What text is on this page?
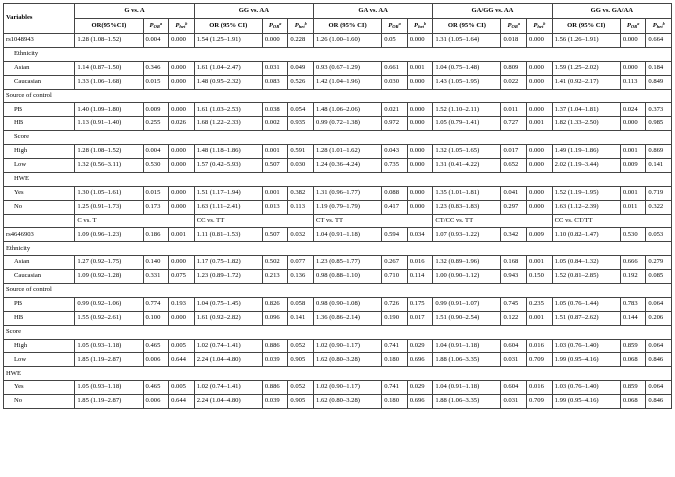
Variables	G vs. A			GG vs. AA			GA vs. AA			GA/GG vs. AA			GG vs. GA/AA		
	OR(95%CI)	$P_{OR}^a$	$P_{het}^b$	OR (95% CI)	$P_{OR}^a$	$P_{het}^b$	OR (95% CI)	$P_{OR}^a$	$P_{het}^b$	OR (95% CI)	$P_{OR}^a$	$P_{het}^b$	OR (95% CI)	$P_{OR}^a$	$P_{het}^b$
rs1048943	1.28 (1.08–1.52)	0.004	0.000	1.54 (1.25–1.91)	0.000	0.228	1.26 (1.00–1.60)	0.05	0.000	1.31 (1.05–1.64)	0.018	0.000	1.56 (1.26–1.91)	0.000	0.664
Ethnicity															
Asian	1.14 (0.87–1.50)	0.346	0.000	1.61 (1.04–2.47)	0.031	0.049	0.93 (0.67–1.29)	0.661	0.001	1.04 (0.75–1.48)	0.809	0.000	1.59 (1.25–2.02)	0.000	0.184
Caucasian	1.33 (1.06–1.68)	0.015	0.000	1.48 (0.95–2.32)	0.083	0.526	1.42 (1.04–1.96)	0.030	0.000	1.43 (1.05–1.95)	0.022	0.000	1.41 (0.92–2.17)	0.113	0.849
Source of control															
PB	1.40 (1.09–1.80)	0.009	0.000	1.61 (1.03–2.53)	0.038	0.054	1.48 (1.06–2.06)	0.021	0.000	1.52 (1.10–2.11)	0.011	0.000	1.37 (1.04–1.81)	0.024	0.373
HB	1.13 (0.91–1.40)	0.255	0.026	1.68 (1.22–2.33)	0.002	0.935	0.99 (0.72–1.38)	0.972	0.000	1.05 (0.79–1.41)	0.727	0.001	1.82 (1.33–2.50)	0.000	0.985
Score															
High	1.28 (1.08–1.52)	0.004	0.000	1.48 (1.18–1.86)	0.001	0.591	1.28 (1.01–1.62)	0.043	0.000	1.32 (1.05–1.65)	0.017	0.000	1.49 (1.19–1.86)	0.001	0.869
Low	1.32 (0.56–3.11)	0.530	0.000	1.57 (0.42–5.93)	0.507	0.030	1.24 (0.36–4.24)	0.735	0.000	1.31 (0.41–4.22)	0.652	0.000	2.02 (1.19–3.44)	0.009	0.141
HWE															
Yes	1.30 (1.05–1.61)	0.015	0.000	1.51 (1.17–1.94)	0.001	0.382	1.31 (0.96–1.77)	0.088	0.000	1.35 (1.01–1.81)	0.041	0.000	1.52 (1.19–1.95)	0.001	0.719
No	1.25 (0.91–1.73)	0.173	0.000	1.63 (1.11–2.41)	0.013	0.113	1.19 (0.79–1.79)	0.417	0.000	1.23 (0.83–1.83)	0.297	0.000	1.63 (1.12–2.39)	0.011	0.322
	C vs. T			CC vs. TT			CT vs. TT			CT/CC vs. TT			CC vs. CT/TT		
rs4646903	1.09 (0.96–1.23)	0.186	0.001	1.11 (0.81–1.53)	0.507	0.032	1.04 (0.91–1.18)	0.594	0.034	1.07 (0.93–1.22)	0.342	0.009	1.10 (0.82–1.47)	0.530	0.053
Ethnicity															
Asian	1.27 (0.92–1.75)	0.140	0.000	1.17 (0.75–1.82)	0.502	0.077	1.23 (0.85–1.77)	0.267	0.016	1.32 (0.89–1.96)	0.168	0.001	1.05 (0.84–1.32)	0.666	0.279
Caucasian	1.09 (0.92–1.28)	0.331	0.075	1.23 (0.89–1.72)	0.213	0.136	0.98 (0.88–1.10)	0.710	0.114	1.00 (0.90–1.12)	0.943	0.150	1.52 (0.81–2.85)	0.192	0.085
Source of control															
PB	0.99 (0.92–1.06)	0.774	0.193	1.04 (0.75–1.45)	0.826	0.058	0.98 (0.90–1.08)	0.726	0.175	0.99 (0.91–1.07)	0.745	0.235	1.05 (0.76–1.44)	0.783	0.064
HB	1.55 (0.92–2.61)	0.100	0.000	1.61 (0.92–2.82)	0.096	0.141	1.36 (0.86–2.14)	0.190	0.017	1.51 (0.90–2.54)	0.122	0.001	1.51 (0.87–2.62)	0.144	0.206
Score															
High	1.05 (0.93–1.18)	0.465	0.005	1.02 (0.74–1.41)	0.886	0.052	1.02 (0.90–1.17)	0.741	0.029	1.04 (0.91–1.18)	0.604	0.016	1.03 (0.76–1.40)	0.859	0.064
Low	1.85 (1.19–2.87)	0.006	0.644	2.24 (1.04–4.80)	0.039	0.905	1.62 (0.80–3.28)	0.180	0.696	1.88 (1.06–3.35)	0.031	0.709	1.99 (0.95–4.16)	0.068	0.846
HWE															
Yes	1.05 (0.93–1.18)	0.465	0.005	1.02 (0.74–1.41)	0.886	0.052	1.02 (0.90–1.17)	0.741	0.029	1.04 (0.91–1.18)	0.604	0.016	1.03 (0.76–1.40)	0.859	0.064
No	1.85 (1.19–2.87)	0.006	0.644	2.24 (1.04–4.80)	0.039	0.905	1.62 (0.80–3.28)	0.180	0.696	1.88 (1.06–3.35)	0.031	0.709	1.99 (0.95–4.16)	0.068	0.846
